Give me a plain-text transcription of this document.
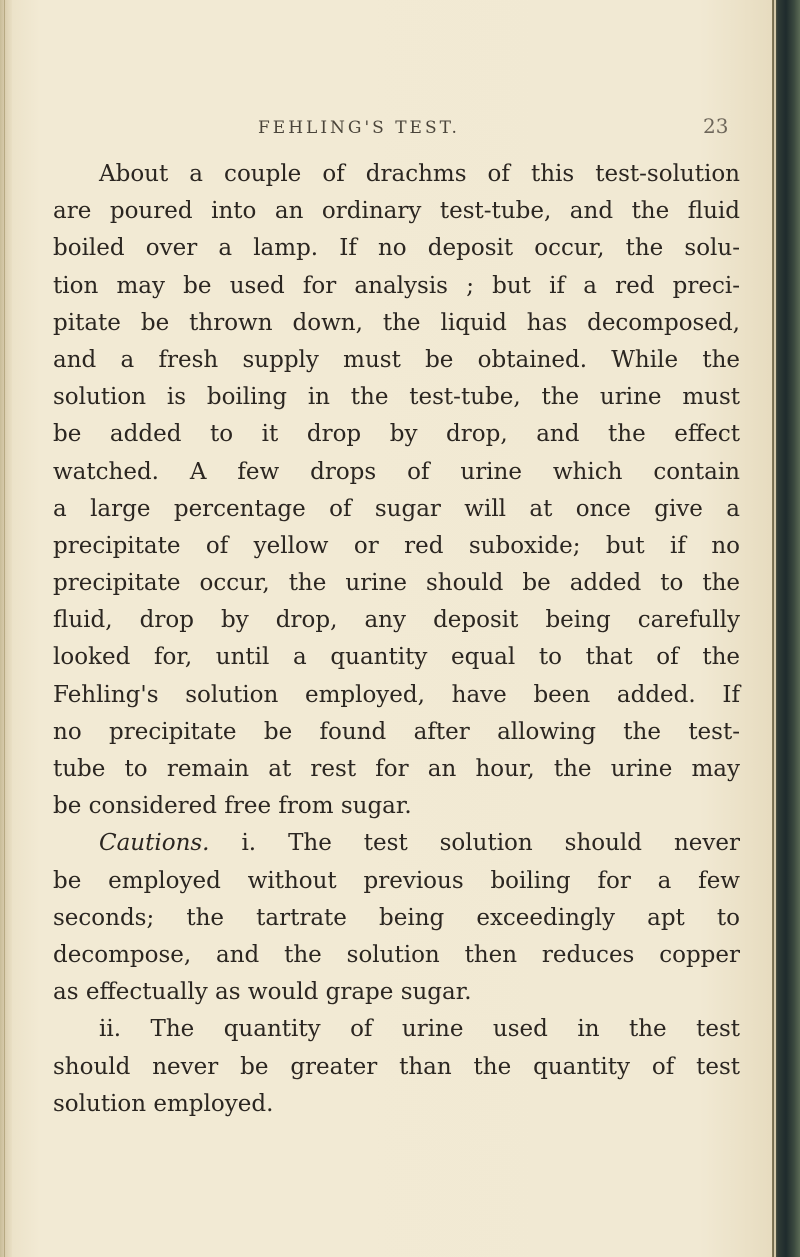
FEHLING'S TEST.	23
About a couple of drachms of this test-solution
are poured into an ordinary test-tube, and the fluid
boiled over a lamp. If no deposit occur, the solu-
tion may be used for analysis ; but if a red preci-
pitate be thrown down, the liquid has decomposed,
and a fresh supply must be obtained. While the
solution is boiling in the test-tube, the urine must
be added to it drop by drop, and the effect
watched. A few drops of urine which contain
a large percentage of sugar will at once give a
precipitate of yellow or red suboxide; but if no
precipitate occur, the urine should be added to the
fluid, drop by drop, any deposit being carefully
looked for, until a quantity equal to that of the
Fehling's solution employed, have been added. If
no precipitate be found after allowing the test-
tube to remain at rest for an hour, the urine may
be considered free from sugar.
Cautions. i. The test solution should never
be employed without previous boiling for a few
seconds; the tartrate being exceedingly apt to
decompose, and the solution then reduces copper
as effectually as would grape sugar.
ii. The quantity of urine used in the test
should never be greater than the quantity of test
solution employed.
